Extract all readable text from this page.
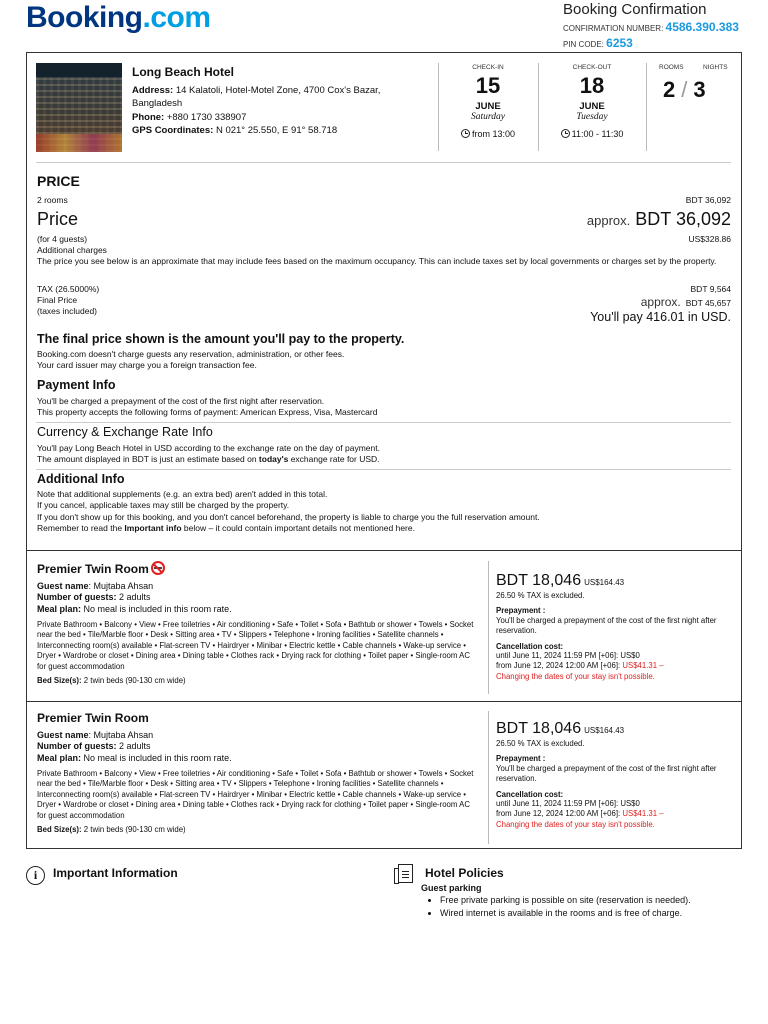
Booking.com	Booking Confirmation
CONFIRMATION NUMBER: 4586.390.383
PIN CODE: 6253
Long Beach Hotel
Address: 14 Kalatoli, Hotel-Motel Zone, 4700 Cox's Bazar, Bangladesh
Phone: +880 1730 338907
GPS Coordinates: N 021° 25.550, E 91° 58.718
CHECK-IN
15
JUNE
Saturday
from 13:00
CHECK-OUT
18
JUNE
Tuesday
11:00 - 11:30
ROOMS	NIGHTS
2 / 3
PRICE
2 rooms	BDT 36,092
Price	approx. BDT 36,092
(for 4 guests)	US$328.86
Additional charges
The price you see below is an approximate that may include fees based on the maximum occupancy. This can include taxes set by local governments or charges set by the property.
TAX (26.5000%)	BDT 9,564
Final Price	approx. BDT 45,657
(taxes included)	You'll pay 416.01 in USD.
The final price shown is the amount you'll pay to the property.
Booking.com doesn't charge guests any reservation, administration, or other fees.
Your card issuer may charge you a foreign transaction fee.
Payment Info
You'll be charged a prepayment of the cost of the first night after reservation.
This property accepts the following forms of payment: American Express, Visa, Mastercard
Currency & Exchange Rate Info
You'll pay Long Beach Hotel in USD according to the exchange rate on the day of payment.
The amount displayed in BDT is just an estimate based on today's exchange rate for USD.
Additional Info
Note that additional supplements (e.g. an extra bed) aren't added in this total.
If you cancel, applicable taxes may still be charged by the property.
If you don't show up for this booking, and you don't cancel beforehand, the property is liable to charge you the full reservation amount.
Remember to read the Important info below – it could contain important details not mentioned here.
Premier Twin Room
Guest name: Mujtaba Ahsan
Number of guests: 2 adults
Meal plan: No meal is included in this room rate.
Private Bathroom • Balcony • View • Free toiletries • Air conditioning • Safe • Toilet • Sofa • Bathtub or shower • Towels • Socket near the bed • Tile/Marble floor • Desk • Sitting area • TV • Slippers • Telephone • Ironing facilities • Satellite channels • Interconnecting room(s) available • Flat-screen TV • Hairdryer • Minibar • Electric kettle • Cable channels • Wake-up service • Dryer • Wardrobe or closet • Dining area • Dining table • Clothes rack • Drying rack for clothing • Toilet paper • Single-room AC for guest accommodation
Bed Size(s): 2 twin beds (90-130 cm wide)
BDT 18,046 US$164.43
26.50 % TAX is excluded.
Prepayment :
You'll be charged a prepayment of the cost of the first night after reservation.
Cancellation cost:
until June 11, 2024 11:59 PM [+06]: US$0
from June 12, 2024 12:00 AM [+06]: US$41.31 –
Changing the dates of your stay isn't possible.
Premier Twin Room
Guest name: Mujtaba Ahsan
Number of guests: 2 adults
Meal plan: No meal is included in this room rate.
Private Bathroom • Balcony • View • Free toiletries • Air conditioning • Safe • Toilet • Sofa • Bathtub or shower • Towels • Socket near the bed • Tile/Marble floor • Desk • Sitting area • TV • Slippers • Telephone • Ironing facilities • Satellite channels • Interconnecting room(s) available • Flat-screen TV • Hairdryer • Minibar • Electric kettle • Cable channels • Wake-up service • Dryer • Wardrobe or closet • Dining area • Dining table • Clothes rack • Drying rack for clothing • Toilet paper • Single-room AC for guest accommodation
Bed Size(s): 2 twin beds (90-130 cm wide)
BDT 18,046 US$164.43
26.50 % TAX is excluded.
Prepayment :
You'll be charged a prepayment of the cost of the first night after reservation.
Cancellation cost:
until June 11, 2024 11:59 PM [+06]: US$0
from June 12, 2024 12:00 AM [+06]: US$41.31 –
Changing the dates of your stay isn't possible.
i	Important Information	Hotel Policies
Guest parking
• Free private parking is possible on site (reservation is needed).
• Wired internet is available in the rooms and is free of charge.
